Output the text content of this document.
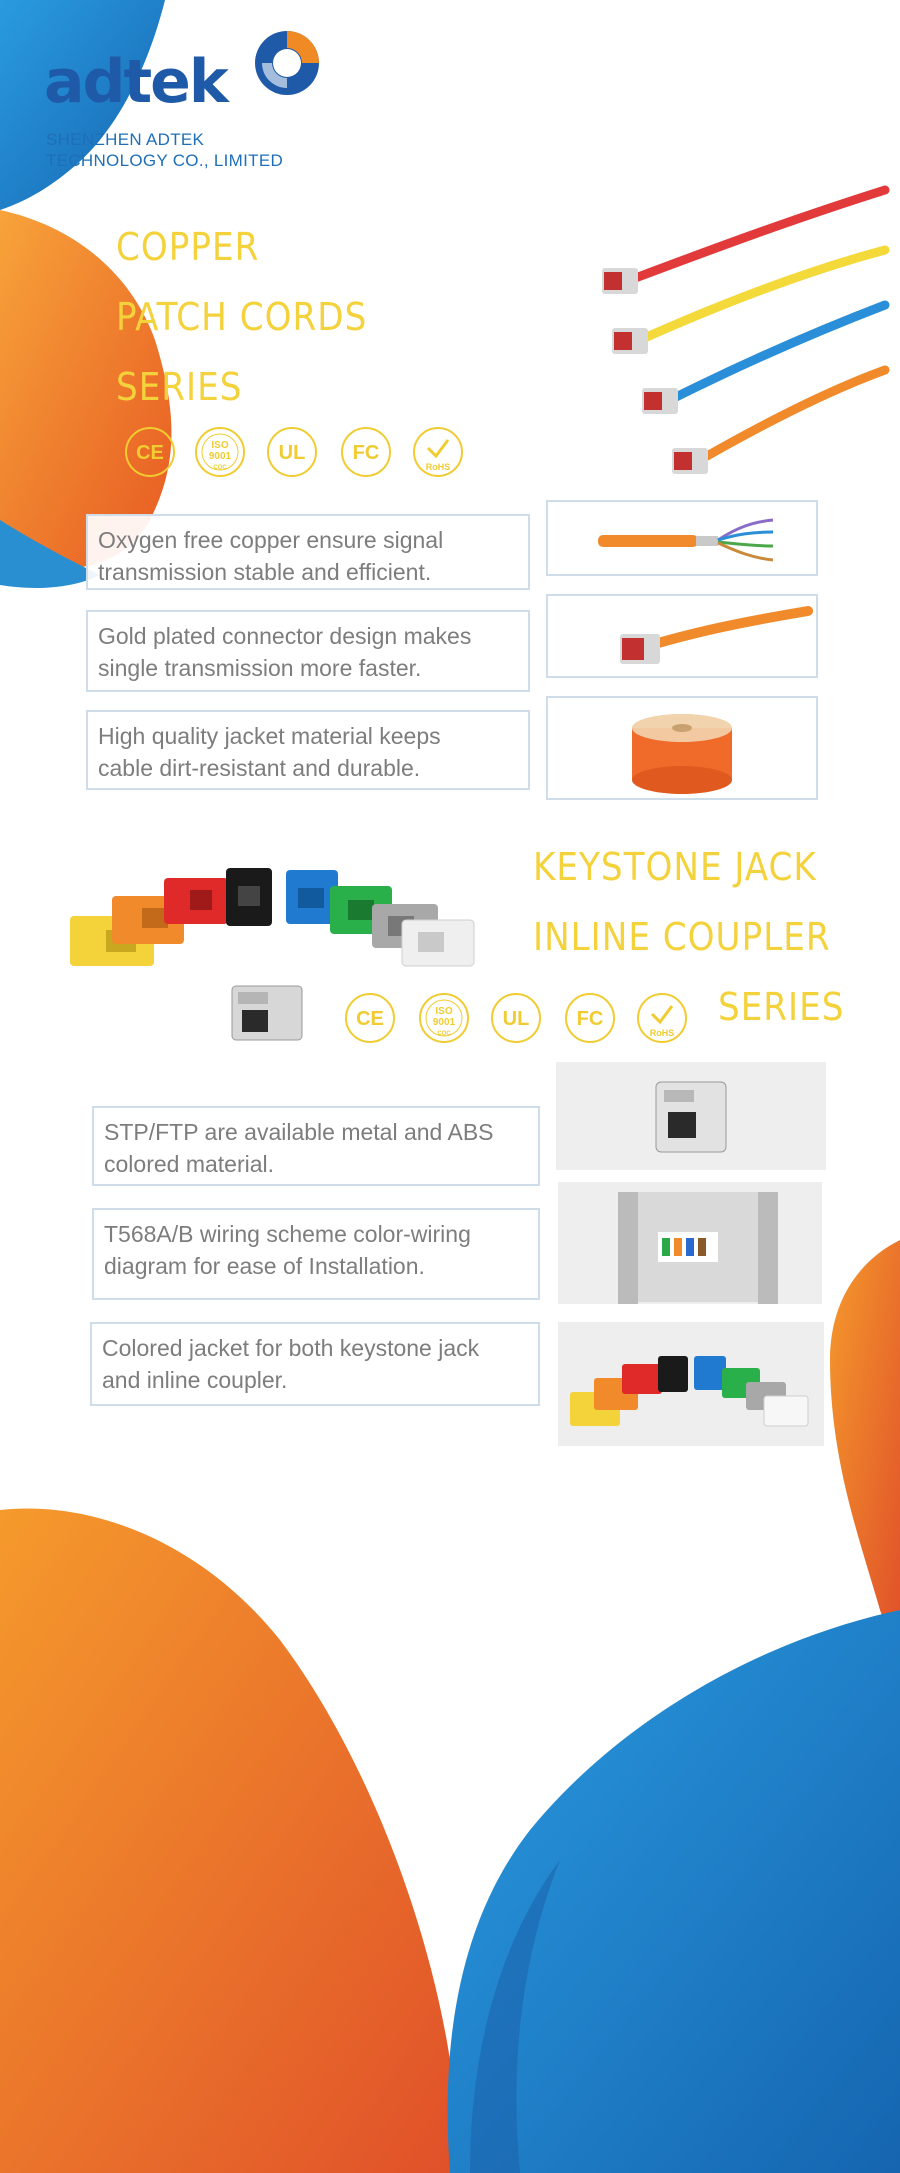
adtek
SHENZHEN ADTEK
TECHNOLOGY CO., LIMITED
COPPER
PATCH CORDS
SERIES
CE	ISO
9001
CQC
UL FC
RoHS
Oxygen free copper ensure signal
transmission stable and efficient.
Gold plated connector design makes
single transmission more faster.
High quality jacket material keeps
cable dirt-resistant and durable.
KEYSTONE JACK
INLINE COUPLER
SERIES
CE	ISO
9001
CQC
UL FC
RoHS
STP/FTP are available metal and ABS
colored material.
T568A/B wiring scheme color-wiring
diagram for ease of Installation.
Colored jacket for both keystone jack
and inline coupler.
